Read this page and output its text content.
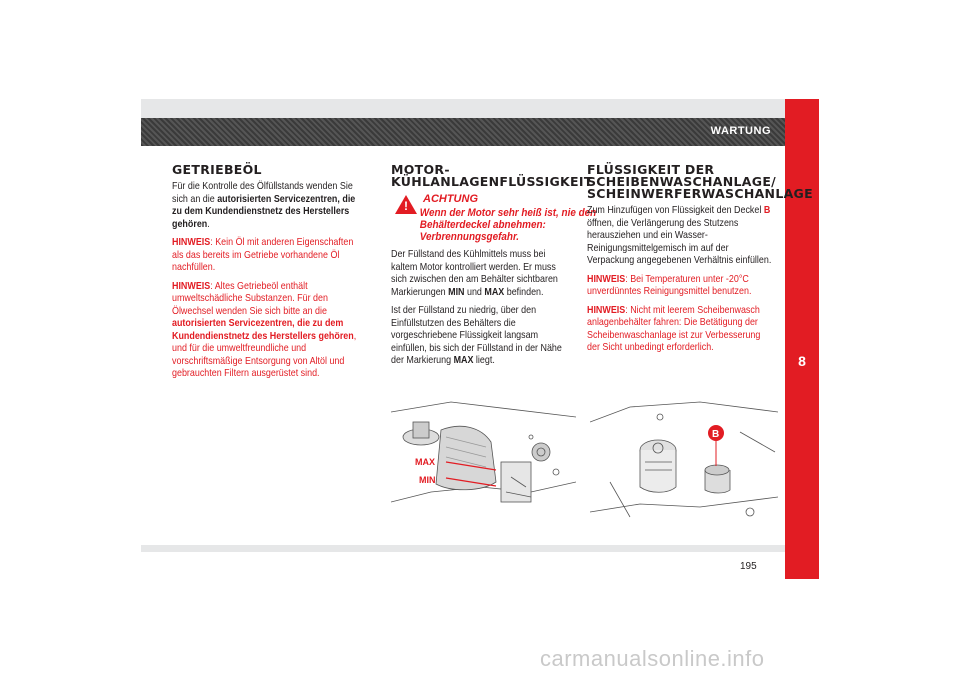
WARTUNG
8
GETRIEBEÖL

Für die Kontrolle des Ölfüllstands wenden Sie sich an die autorisierten Servicezentren, die zu dem Kundendienstnetz des Herstellers gehören.

HINWEIS: Kein Öl mit anderen Eigenschaften als das bereits im Getriebe vorhandene Öl nachfüllen.

HINWEIS: Altes Getriebeöl enthält umweltschädliche Substanzen. Für den Ölwechsel wenden Sie sich bitte an die autorisierten Servicezentren, die zu dem Kundendienstnetz des Herstellers gehören, und für die umweltfreundliche und vorschriftsmäßige Entsorgung von Altöl und gebrauchten Filtern ausgerüstet sind.

MOTOR-
KÜHLANLAGENFLÜSSIGKEIT
! ACHTUNG
Wenn der Motor sehr heiß ist, nie den Behälterdeckel abnehmen: Verbrennungsgefahr.

Der Füllstand des Kühlmittels muss bei kaltem Motor kontrolliert werden. Er muss sich zwischen den am Behälter sichtbaren Markierungen MIN und MAX befinden.

Ist der Füllstand zu niedrig, über den Einfüllstutzen des Behälters die vorgeschriebene Flüssigkeit langsam einfüllen, bis sich der Füllstand in der Nähe der Markierung MAX liegt.

FLÜSSIGKEIT DER
SCHEIBENWASCHANLAGE/
SCHEINWERFERWASCHANLAGE

Zum Hinzufügen von Flüssigkeit den Deckel B öffnen, die Verlängerung des Stutzens herausziehen und ein Wasser-Reinigungsmittelgemisch im auf der Verpackung angegebenen Verhältnis einfüllen.

HINWEIS: Bei Temperaturen unter -20°C unverdünntes Reinigungsmittel benutzen.

HINWEIS: Nicht mit leerem Scheibenwasch anlagenbehälter fahren: Die Betätigung der Scheibenwaschanlage ist zur Verbesserung der Sicht unbedingt erforderlich.

MAX
MIN
B
195
carmanualsonline.info
